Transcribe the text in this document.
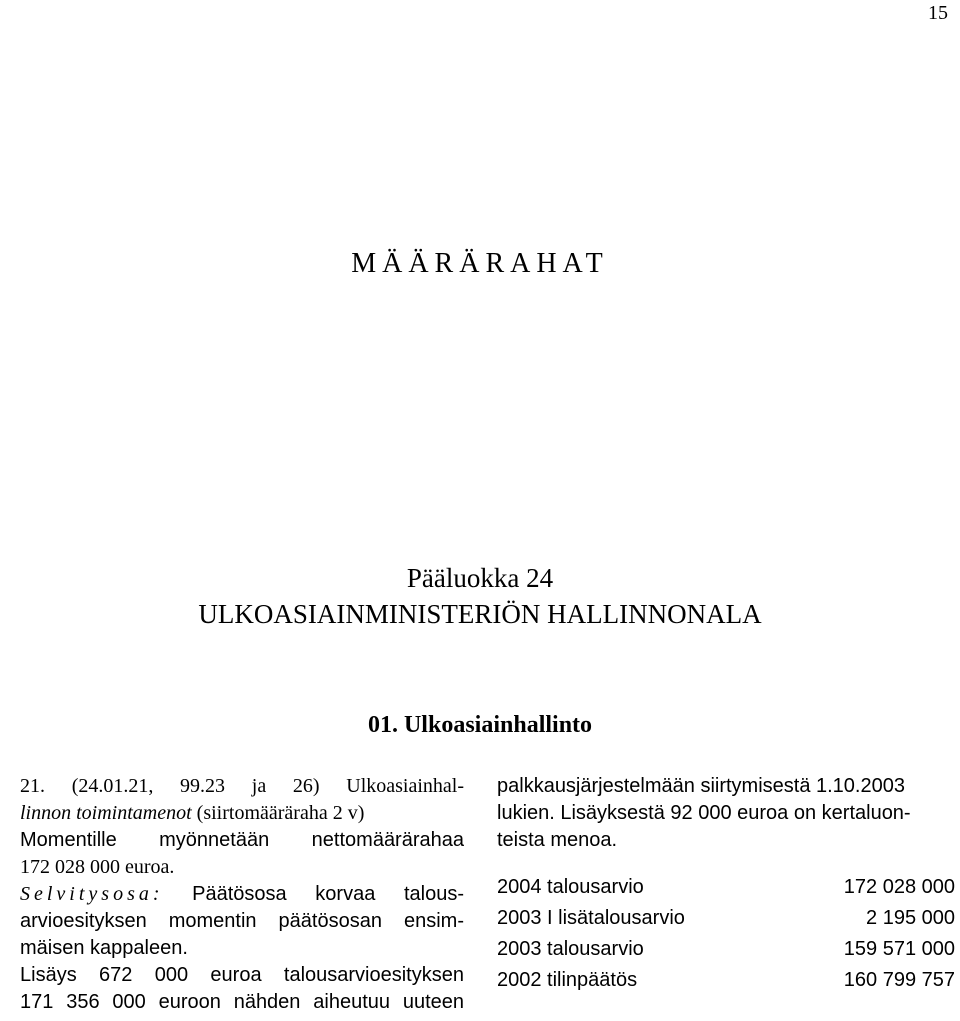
15
MÄÄRÄRAHAT
Pääluokka 24
ULKOASIAINMINISTERIÖN HALLINNONALA
01. Ulkoasiainhallinto

21. (24.01.21, 99.23 ja 26) Ulkoasiainhal-

linnon toimintamenot (siirtomääräraha 2 v)

Momentille myönnetään nettomäärärahaa

172 028 000 euroa.

Selvitysosa: Päätösosa korvaa talous-

arvioesityksen momentin päätösosan ensim-

mäisen kappaleen.

Lisäys 672 000 euroa talousarvioesityksen

171 356 000 euroon nähden aiheutuu uuteen

palkkausjärjestelmään siirtymisestä 1.10.2003

lukien. Lisäyksestä 92 000 euroa on kertaluon-

teista menoa.

2004 talousarvio	172 028 000
2003 I lisätalousarvio	2 195 000
2003 talousarvio	159 571 000
2002 tilinpäätös	160 799 757
